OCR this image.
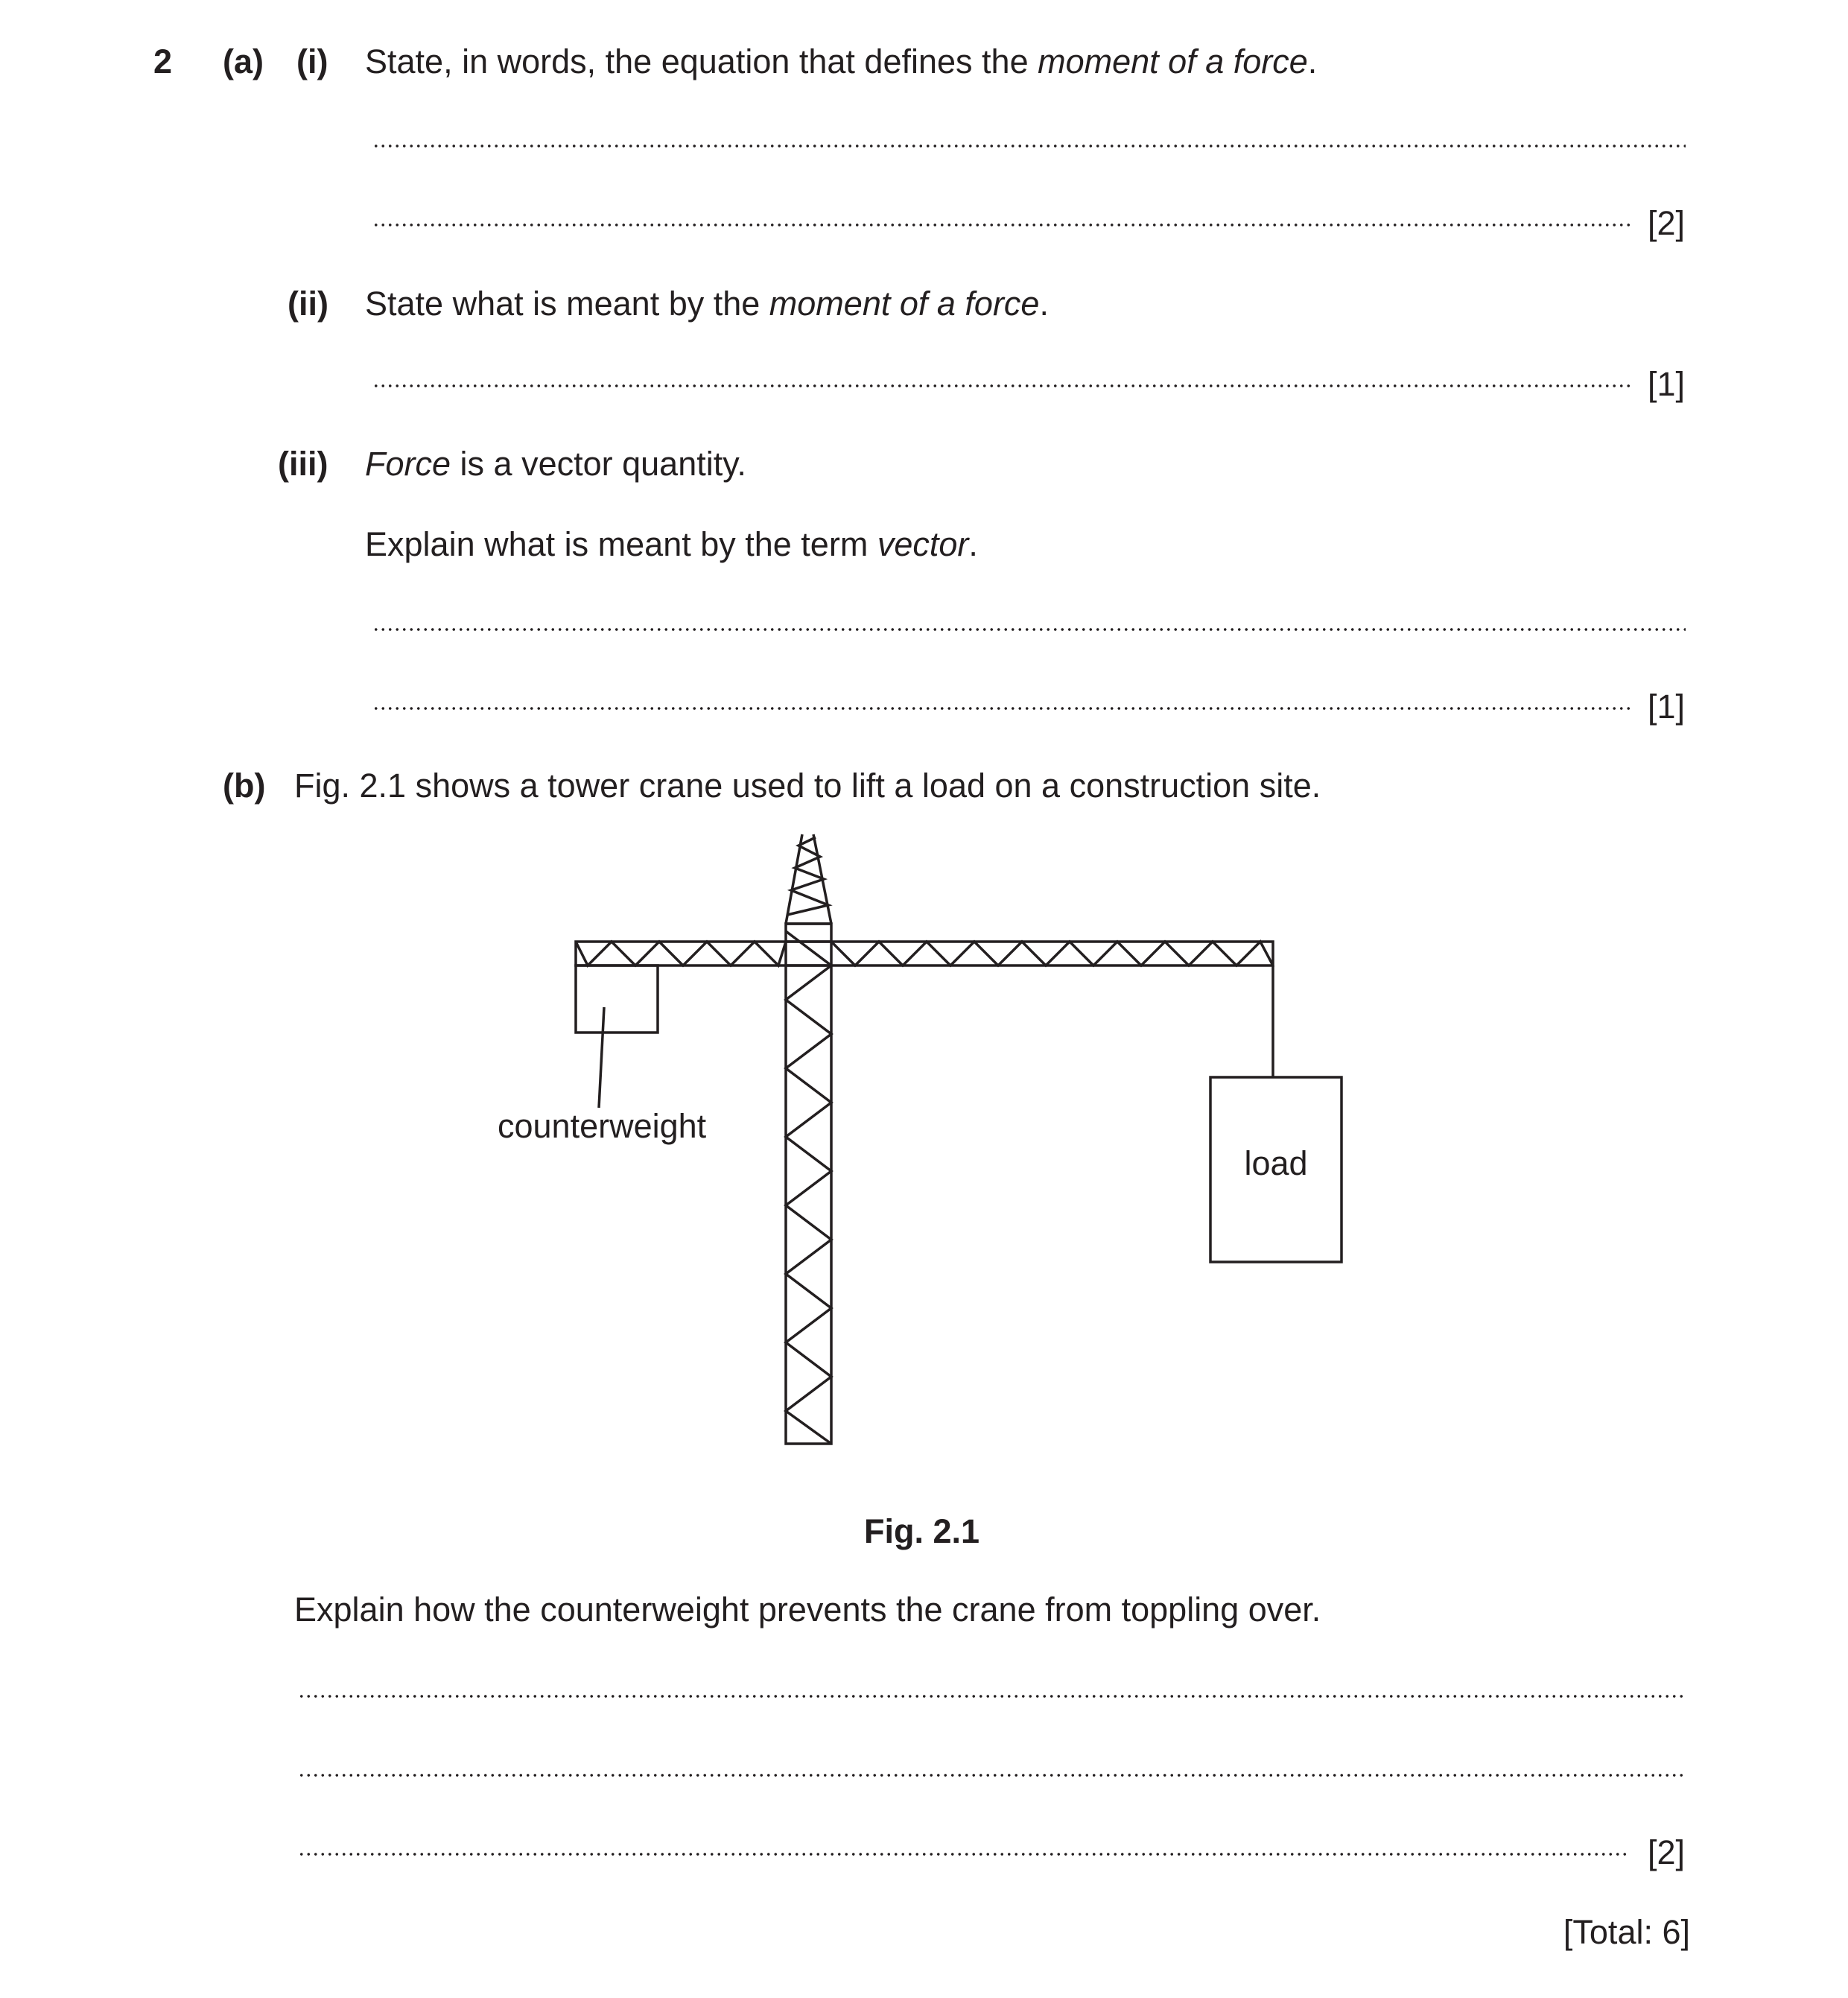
2 (a) (i) State, in words, the equation that defines the moment of a force.
[2]
(ii) State what is meant by the moment of a force.
[1]
(iii) Force is a vector quantity.
Explain what is meant by the term vector.
[1]
(b) Fig. 2.1 shows a tower crane used to lift a load on a construction site.
counterweight
load
Fig. 2.1
Explain how the counterweight prevents the crane from toppling over.
[2]
[Total: 6]
